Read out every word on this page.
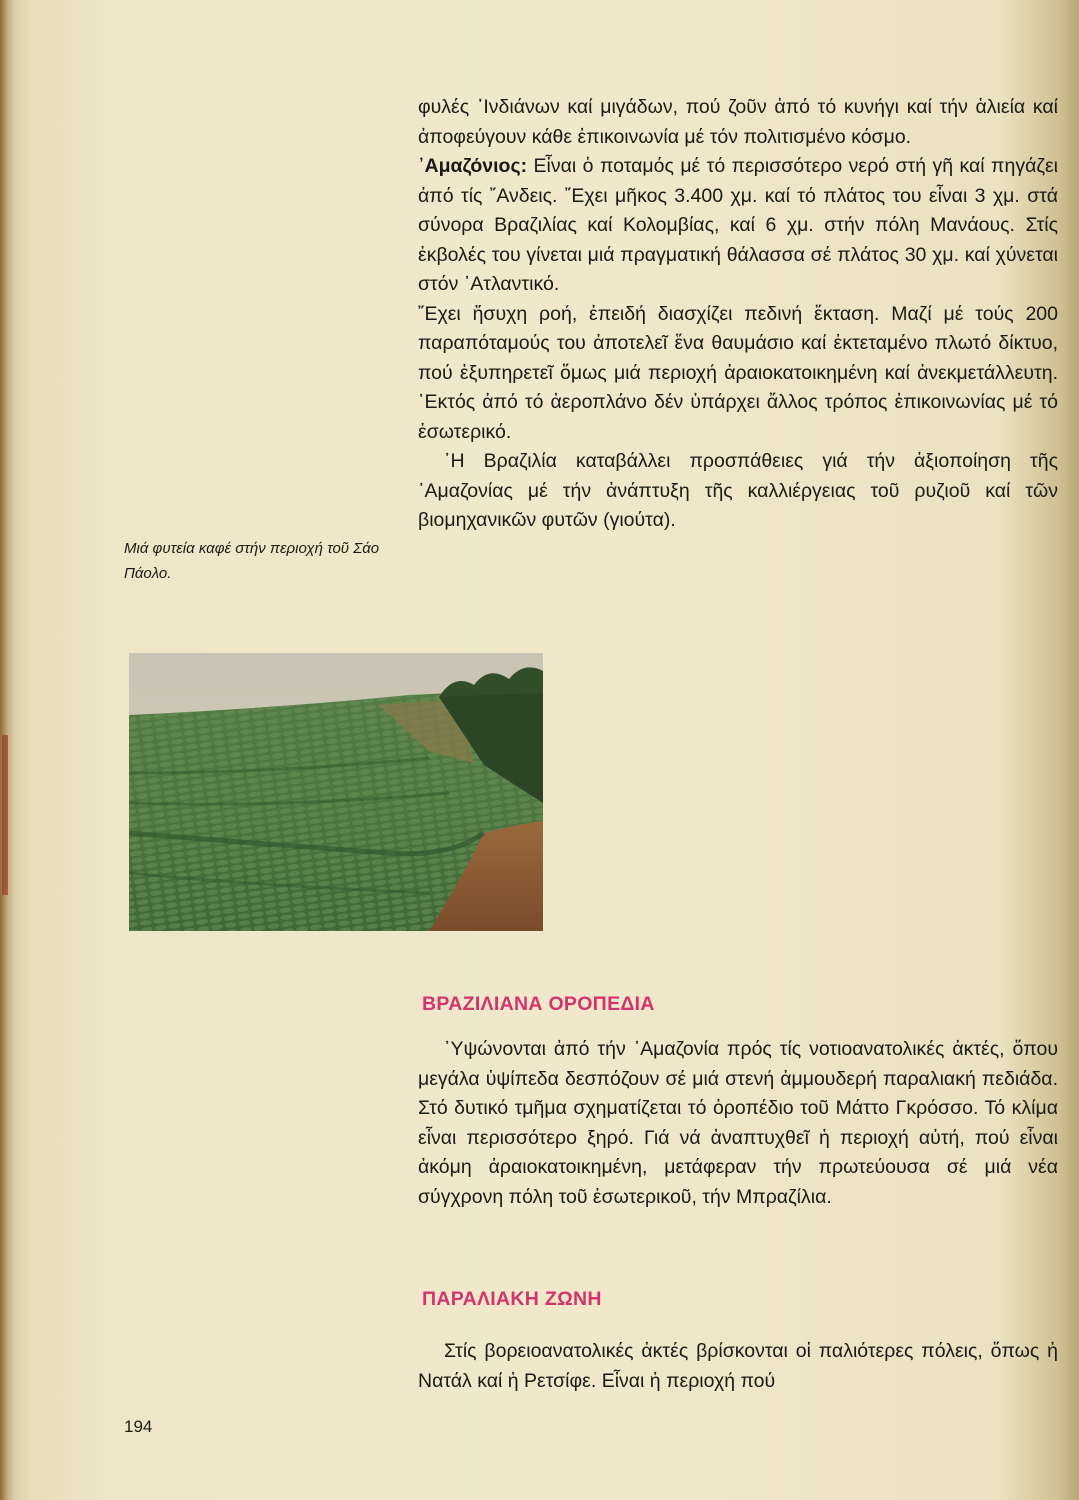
φυλές ᾿Ινδιάνων καί μιγάδων, πού ζοῦν ἀπό τό κυνήγι καί τήν ἁλιεία καί ἀποφεύγουν κάθε ἐπικοινωνία μέ τόν πολιτισμένο κόσμο.

᾿Αμαζόνιος: Εἶναι ὁ ποταμός μέ τό περισσότερο νερό στή γῆ καί πηγάζει ἀπό τίς ῎Ανδεις. ῎Εχει μῆκος 3.400 χμ. καί τό πλάτος του εἶναι 3 χμ. στά σύνορα Βραζιλίας καί Κολομβίας, καί 6 χμ. στήν πόλη Μανάους. Στίς ἐκβολές του γίνεται μιά πραγματική θάλασσα σέ πλάτος 30 χμ. καί χύνεται στόν ᾿Ατλαντικό.

῎Εχει ἥσυχη ροή, ἐπειδή διασχίζει πεδινή ἔκταση. Μαζί μέ τούς 200 παραπόταμούς του ἀποτελεῖ ἕνα θαυμάσιο καί ἐκτεταμένο πλωτό δίκτυο, πού ἐξυπηρετεῖ ὅμως μιά περιοχή ἀραιοκατοικημένη καί ἀνεκμετάλλευτη. ῾Εκτός ἀπό τό ἀεροπλάνο δέν ὑπάρχει ἄλλος τρόπος ἐπικοινωνίας μέ τό ἐσωτερικό.

῾Η Βραζιλία καταβάλλει προσπάθειες γιά τήν ἀξιοποίηση τῆς ᾿Αμαζονίας μέ τήν ἀνάπτυξη τῆς καλλιέργειας τοῦ ρυζιοῦ καί τῶν βιομηχανικῶν φυτῶν (γιούτα).

Μιά φυτεία καφέ στήν περιοχή τοῦ Σάο Πάολο.
ΒΡΑΖΙΛΙΑΝΑ ΟΡΟΠΕΔΙΑ

῾Υψώνονται ἀπό τήν ᾿Αμαζονία πρός τίς νοτιοανατολικές ἀκτές, ὅπου μεγάλα ὑψίπεδα δεσπόζουν σέ μιά στενή ἀμμουδερή παραλιακή πεδιάδα. Στό δυτικό τμῆμα σχηματίζεται τό ὀροπέδιο τοῦ Μάττο Γκρόσσο. Τό κλίμα εἶναι περισσότερο ξηρό. Γιά νά ἀναπτυχθεῖ ἡ περιοχή αὐτή, πού εἶναι ἀκόμη ἀραιοκατοικημένη, μετάφεραν τήν πρωτεύουσα σέ μιά νέα σύγχρονη πόλη τοῦ ἐσωτερικοῦ, τήν Μπραζίλια.

ΠΑΡΑΛΙΑΚΗ ΖΩΝΗ

Στίς βορειοανατολικές ἀκτές βρίσκονται οἱ παλιότερες πόλεις, ὅπως ἡ Νατάλ καί ἡ Ρετσίφε. Εἶναι ἡ περιοχή πού

194
